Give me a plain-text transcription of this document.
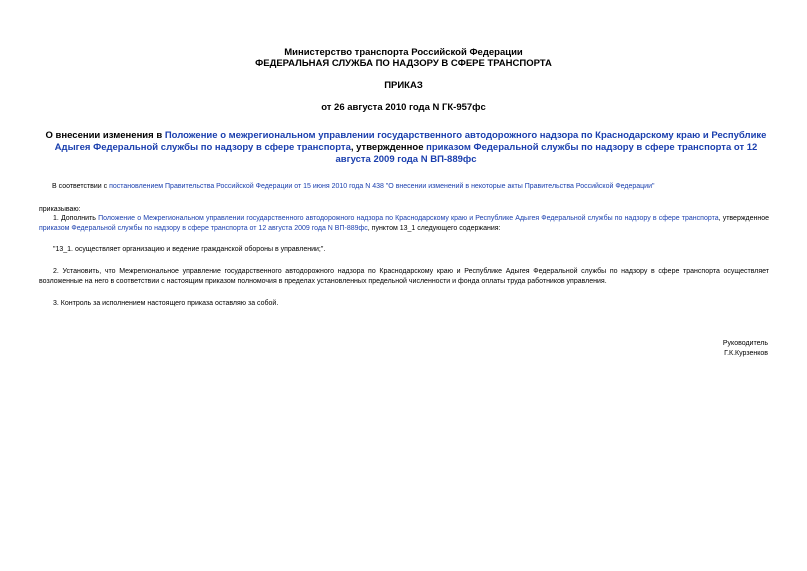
Министерство транспорта Российской Федерации
ФЕДЕРАЛЬНАЯ СЛУЖБА ПО НАДЗОРУ В СФЕРЕ ТРАНСПОРТА
ПРИКАЗ
от 26 августа 2010 года N ГК-957фс
О внесении изменения в Положение о межрегиональном управлении государственного автодорожного надзора по Краснодарскому краю и Республике Адыгея Федеральной службы по надзору в сфере транспорта, утвержденное приказом Федеральной службы по надзору в сфере транспорта от 12 августа 2009 года N ВП-889фс
В соответствии с постановлением Правительства Российской Федерации от 15 июня 2010 года N 438 "О внесении изменений в некоторые акты Правительства Российской Федерации"
приказываю:
1. Дополнить Положение о Межрегиональном управлении государственного автодорожного надзора по Краснодарскому краю и Республике Адыгея Федеральной службы по надзору в сфере транспорта, утвержденное приказом Федеральной службы по надзору в сфере транспорта от 12 августа 2009 года N ВП-889фс, пунктом 13_1 следующего содержания:
"13_1. осуществляет организацию и ведение гражданской обороны в управлении;".
2. Установить, что Межрегиональное управление государственного автодорожного надзора по Краснодарскому краю и Республике Адыгея Федеральной службы по надзору в сфере транспорта осуществляет возложенные на него в соответствии с настоящим приказом полномочия в пределах установленных предельной численности и фонда оплаты труда работников управления.
3. Контроль за исполнением настоящего приказа оставляю за собой.
Руководитель
Г.К.Курзенков
